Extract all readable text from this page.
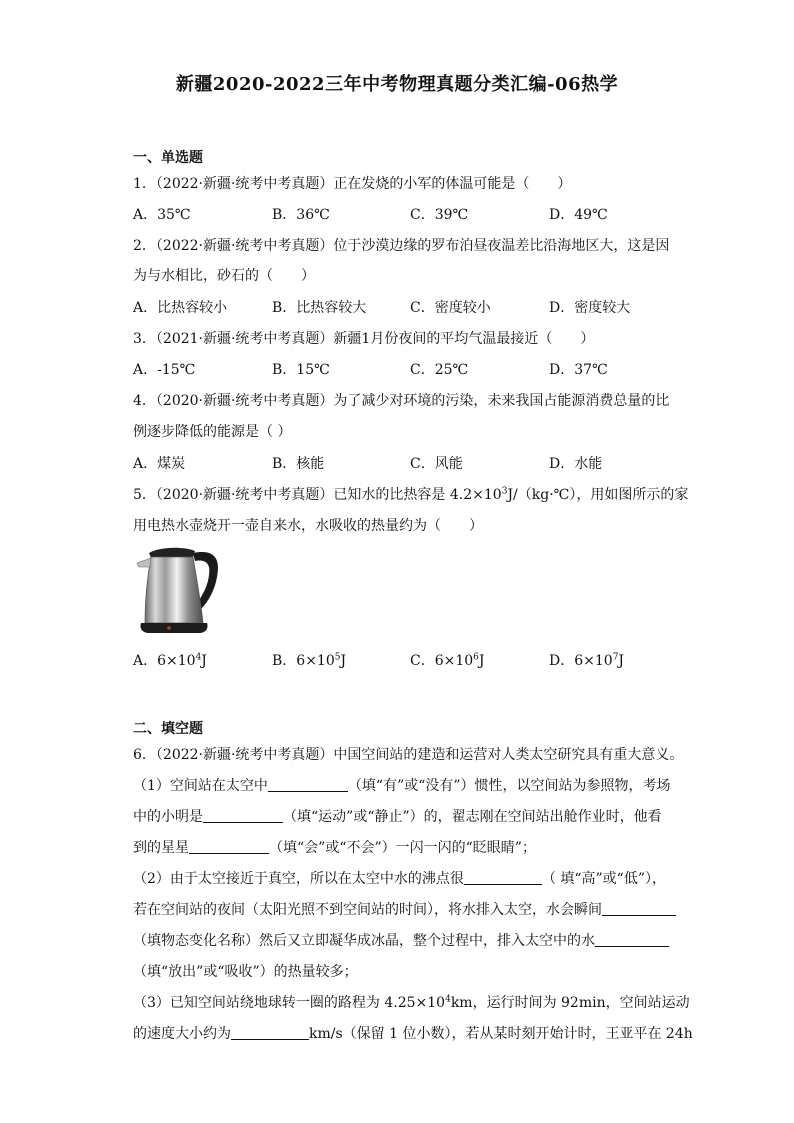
新疆2020-2022三年中考物理真题分类汇编-06热学
一、单选题
1．（2022·新疆·统考中考真题）正在发烧的小军的体温可能是（　　）
A．35℃	B．36℃	C．39℃	D．49℃
2．（2022·新疆·统考中考真题）位于沙漠边缘的罗布泊昼夜温差比沿海地区大，这是因
为与水相比，砂石的（　　）
A．比热容较小	B．比热容较大	C．密度较小	D．密度较大
3．（2021·新疆·统考中考真题）新疆1月份夜间的平均气温最接近（　　）
A．-15℃	B．15℃	C．25℃	D．37℃
4．（2020·新疆·统考中考真题）为了减少对环境的污染，未来我国占能源消费总量的比
例逐步降低的能源是（ ）
A．煤炭	B．核能	C．风能	D．水能
5．（2020·新疆·统考中考真题）已知水的比热容是 $4.2\times 10^3J/(kg\cdot℃)$，用如图所示的家
用电热水壶烧开一壶自来水，水吸收的热量约为（　　）
A．$6\times 10^4J$	B．$6\times 10^5J$	C．$6\times 10^6J$	D．$6\times 10^7J$
二、填空题
6．（2022·新疆·统考中考真题）中国空间站的建造和运营对人类太空研究具有重大意义。
（1）空间站在太空中	（填“有”或“没有”）惯性，以空间站为参照物，考场
中的小明是	（填“运动”或“静止”）的，翟志刚在空间站出舱作业时，他看
到的星星	（填“会”或“不会”）一闪一闪的“眨眼睛”；
（2）由于太空接近于真空，所以在太空中水的沸点很	（ 填“高”或“低”），
若在空间站的夜间（太阳光照不到空间站的时间），将水排入太空，水会瞬间
（填物态变化名称）然后又立即凝华成冰晶，整个过程中，排入太空中的水
（填“放出”或“吸收”）的热量较多；
（3）已知空间站绕地球转一圈的路程为 $4.25\times 10^4km$，运行时间为 92min，空间站运动
的速度大小约为	km/s（保留 1 位小数），若从某时刻开始计时，王亚平在 24h
